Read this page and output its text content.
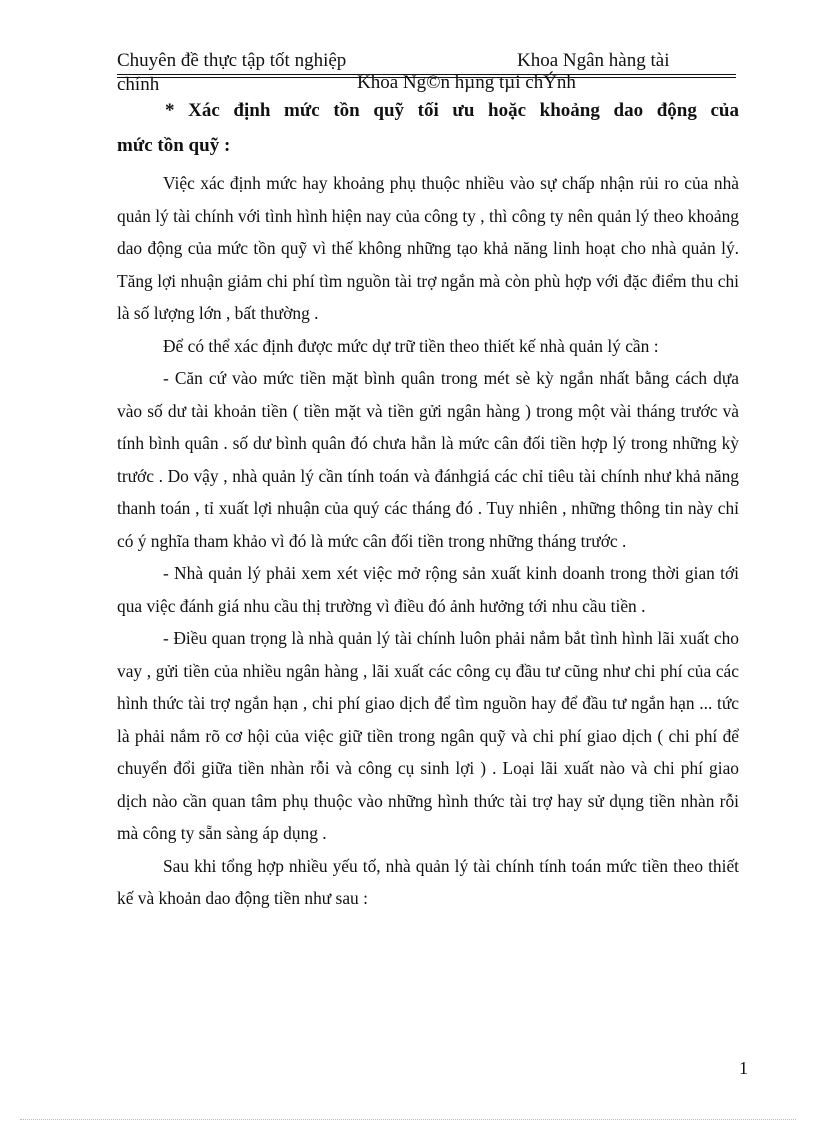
Chuyên đề thực tập tốt nghiệp	Khoa Ngân hàng tài
chính	Khoa Ng©n hµng tµi chÝnh

* Xác định mức tồn quỹ tối ưu hoặc khoảng dao động của

mức tồn quỹ :

Việc xác định mức hay khoảng phụ thuộc nhiều vào sự chấp nhận rủi ro của nhà quản lý tài chính với tình hình hiện nay của công ty , thì công ty nên quản lý theo khoảng dao động của mức tồn quỹ vì thế không những tạo khả năng linh hoạt cho nhà quản lý. Tăng lợi nhuận giảm chi phí tìm nguồn tài trợ ngắn mà còn phù hợp với đặc điểm thu chi là số lượng lớn , bất thường .

Để có thể xác định được mức dự trữ tiền theo thiết kế nhà quản lý cần :

- Căn cứ vào mức tiền mặt bình quân trong mét sè kỳ ngắn nhất bằng cách dựa vào số dư tài khoản tiền ( tiền mặt và tiền gửi ngân hàng ) trong một vài tháng trước và tính bình quân . số dư bình quân đó chưa hẳn là mức cân đối tiền hợp lý trong những kỳ trước . Do vậy , nhà quản lý cần tính toán và đánhgiá các chỉ tiêu tài chính như khả năng thanh toán , tỉ xuất lợi nhuận của quý các tháng đó . Tuy nhiên , những thông tin này chỉ có ý nghĩa tham khảo vì đó là mức cân đối tiền trong những tháng trước .

- Nhà quản lý phải xem xét việc mở rộng sản xuất kinh doanh trong thời gian tới qua việc đánh giá nhu cầu thị trường vì điều đó ảnh hưởng tới nhu cầu tiền .

- Điều quan trọng là nhà quản lý tài chính luôn phải nắm bắt tình hình lãi xuất cho vay , gửi tiền của nhiều ngân hàng , lãi xuất các công cụ đầu tư cũng như chi phí của các hình thức tài trợ ngắn hạn , chi phí giao dịch để tìm nguồn hay để đầu tư ngắn hạn ... tức là phải nắm rõ cơ hội của việc giữ tiền trong ngân quỹ và chi phí giao dịch ( chi phí để chuyển đổi giữa tiền nhàn rỗi và công cụ sinh lợi ) . Loại lãi xuất nào và chi phí giao dịch nào cần quan tâm phụ thuộc vào những hình thức tài trợ hay sử dụng tiền nhàn rỗi mà công ty sẵn sàng áp dụng .

Sau khi tổng hợp nhiều yếu tố, nhà quản lý tài chính tính toán mức tiền theo thiết kế và khoản dao động tiền như sau :

1
